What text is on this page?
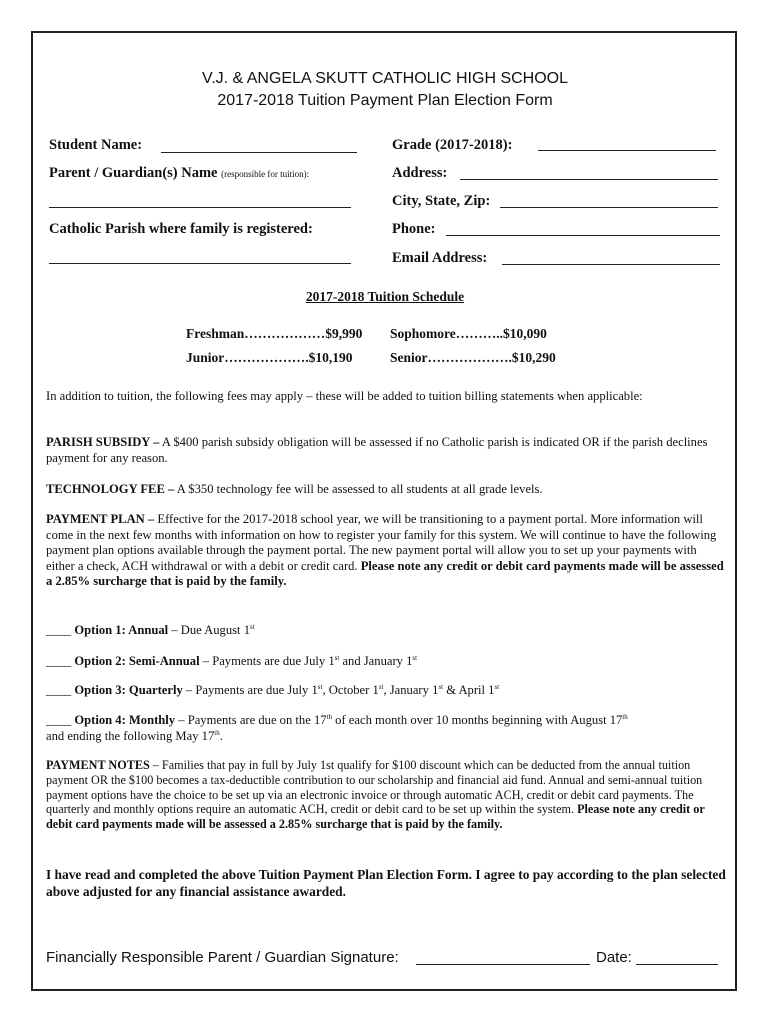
V.J. & ANGELA SKUTT CATHOLIC HIGH SCHOOL
2017-2018 Tuition Payment Plan Election Form
Student Name:
Parent / Guardian(s) Name (responsible for tuition):
Catholic Parish where family is registered:
Grade (2017-2018):
Address:
City, State, Zip:
Phone:
Email Address:
2017-2018 Tuition Schedule
Freshman………………$9,990 Sophomore………..$10,090
Junior……………….$10,190	Senior……………….$10,290
In addition to tuition, the following fees may apply – these will be added to tuition billing statements when applicable:
PARISH SUBSIDY – A $400 parish subsidy obligation will be assessed if no Catholic parish is indicated OR if the parish declines payment for any reason.
TECHNOLOGY FEE – A $350 technology fee will be assessed to all students at all grade levels.
PAYMENT PLAN – Effective for the 2017-2018 school year, we will be transitioning to a payment portal. More information will come in the next few months with information on how to register your family for this system. We will continue to have the following payment plan options available through the payment portal. The new payment portal will allow you to set up your payments with either a check, ACH withdrawal or with a debit or credit card. Please note any credit or debit card payments made will be assessed a 2.85% surcharge that is paid by the family.
____ Option 1: Annual – Due August 1st
____ Option 2: Semi-Annual – Payments are due July 1st and January 1st
____ Option 3: Quarterly – Payments are due July 1st, October 1st, January 1st & April 1st
____ Option 4: Monthly – Payments are due on the 17th of each month over 10 months beginning with August 17th
and ending the following May 17th.
PAYMENT NOTES – Families that pay in full by July 1st qualify for $100 discount which can be deducted from the annual tuition payment OR the $100 becomes a tax-deductible contribution to our scholarship and financial aid fund. Annual and semi-annual tuition payment options have the choice to be set up via an electronic invoice or through automatic ACH, credit or debit card payments. The quarterly and monthly options require an automatic ACH, credit or debit card to be set up within the system. Please note any credit or debit card payments made will be assessed a 2.85% surcharge that is paid by the family.
I have read and completed the above Tuition Payment Plan Election Form. I agree to pay according to the plan selected above adjusted for any financial assistance awarded.
Financially Responsible Parent / Guardian Signature:	Date:
